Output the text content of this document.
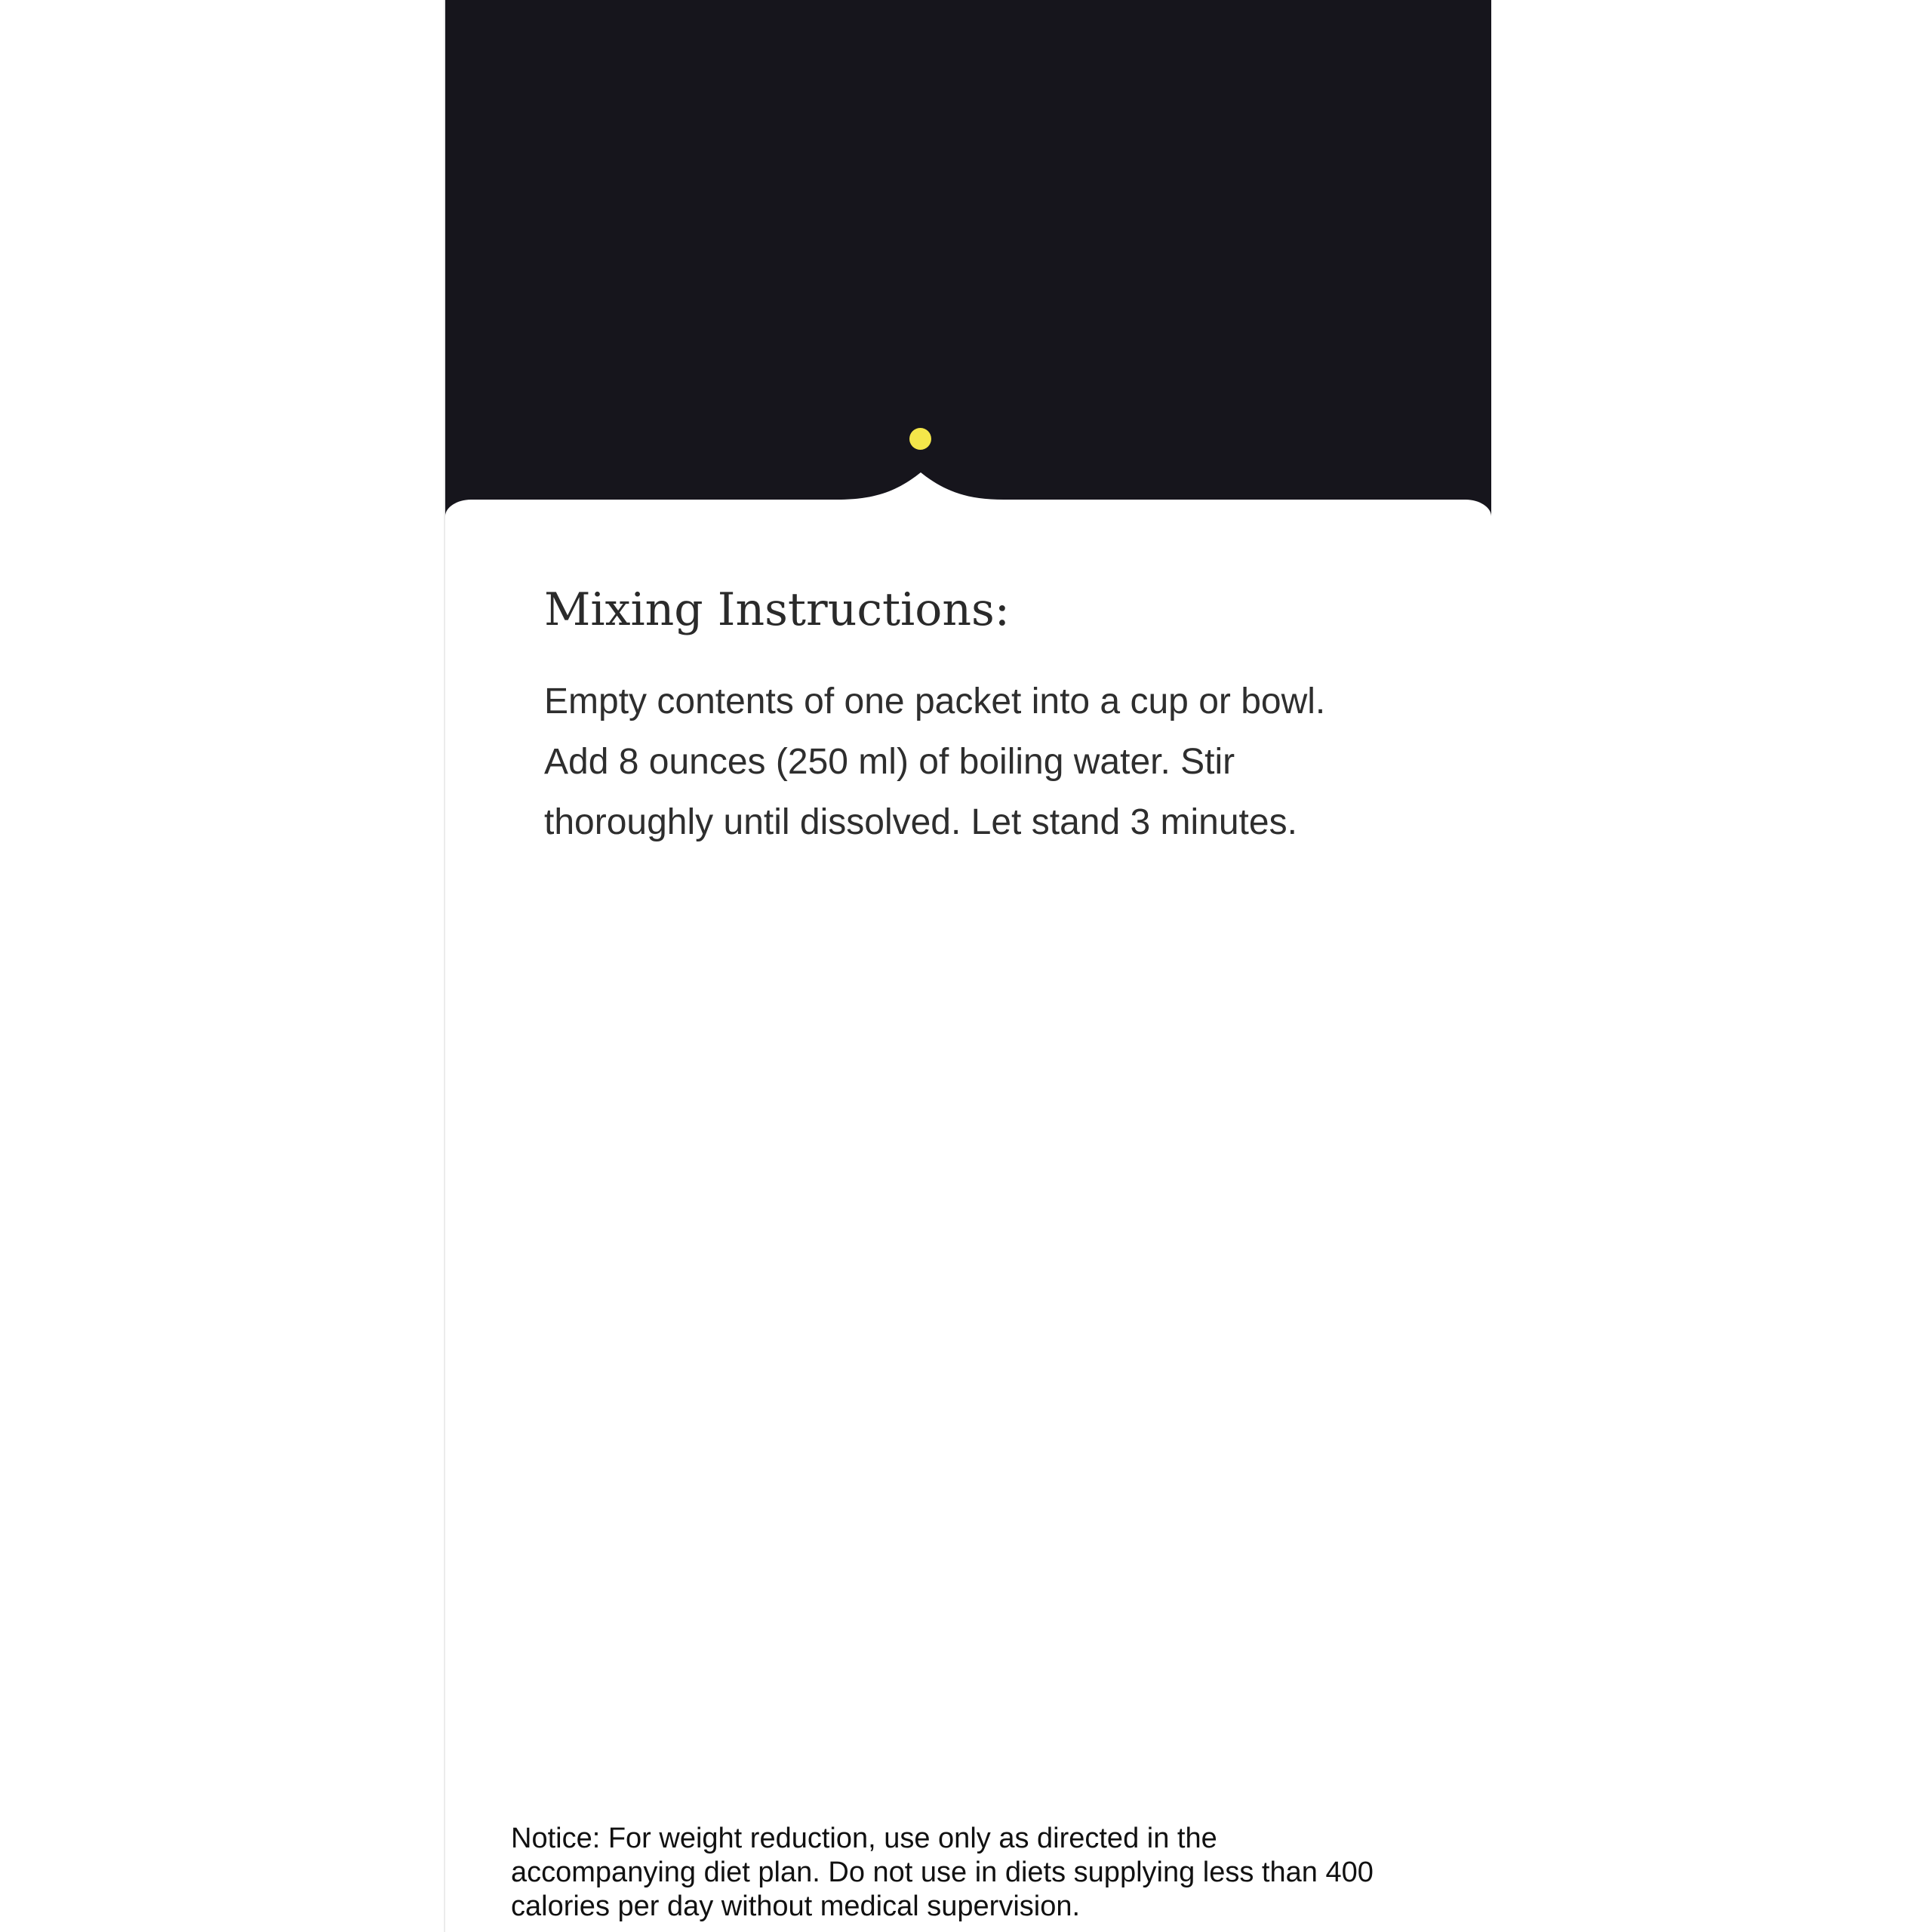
Mixing Instructions:

Empty contents of one packet into a cup or bowl.
Add 8 ounces (250 ml) of boiling water. Stir
thoroughly until dissolved. Let stand 3 minutes.

Notice: For weight reduction, use only as directed in the
accompanying diet plan. Do not use in diets supplying less than 400
calories per day without medical supervision.
